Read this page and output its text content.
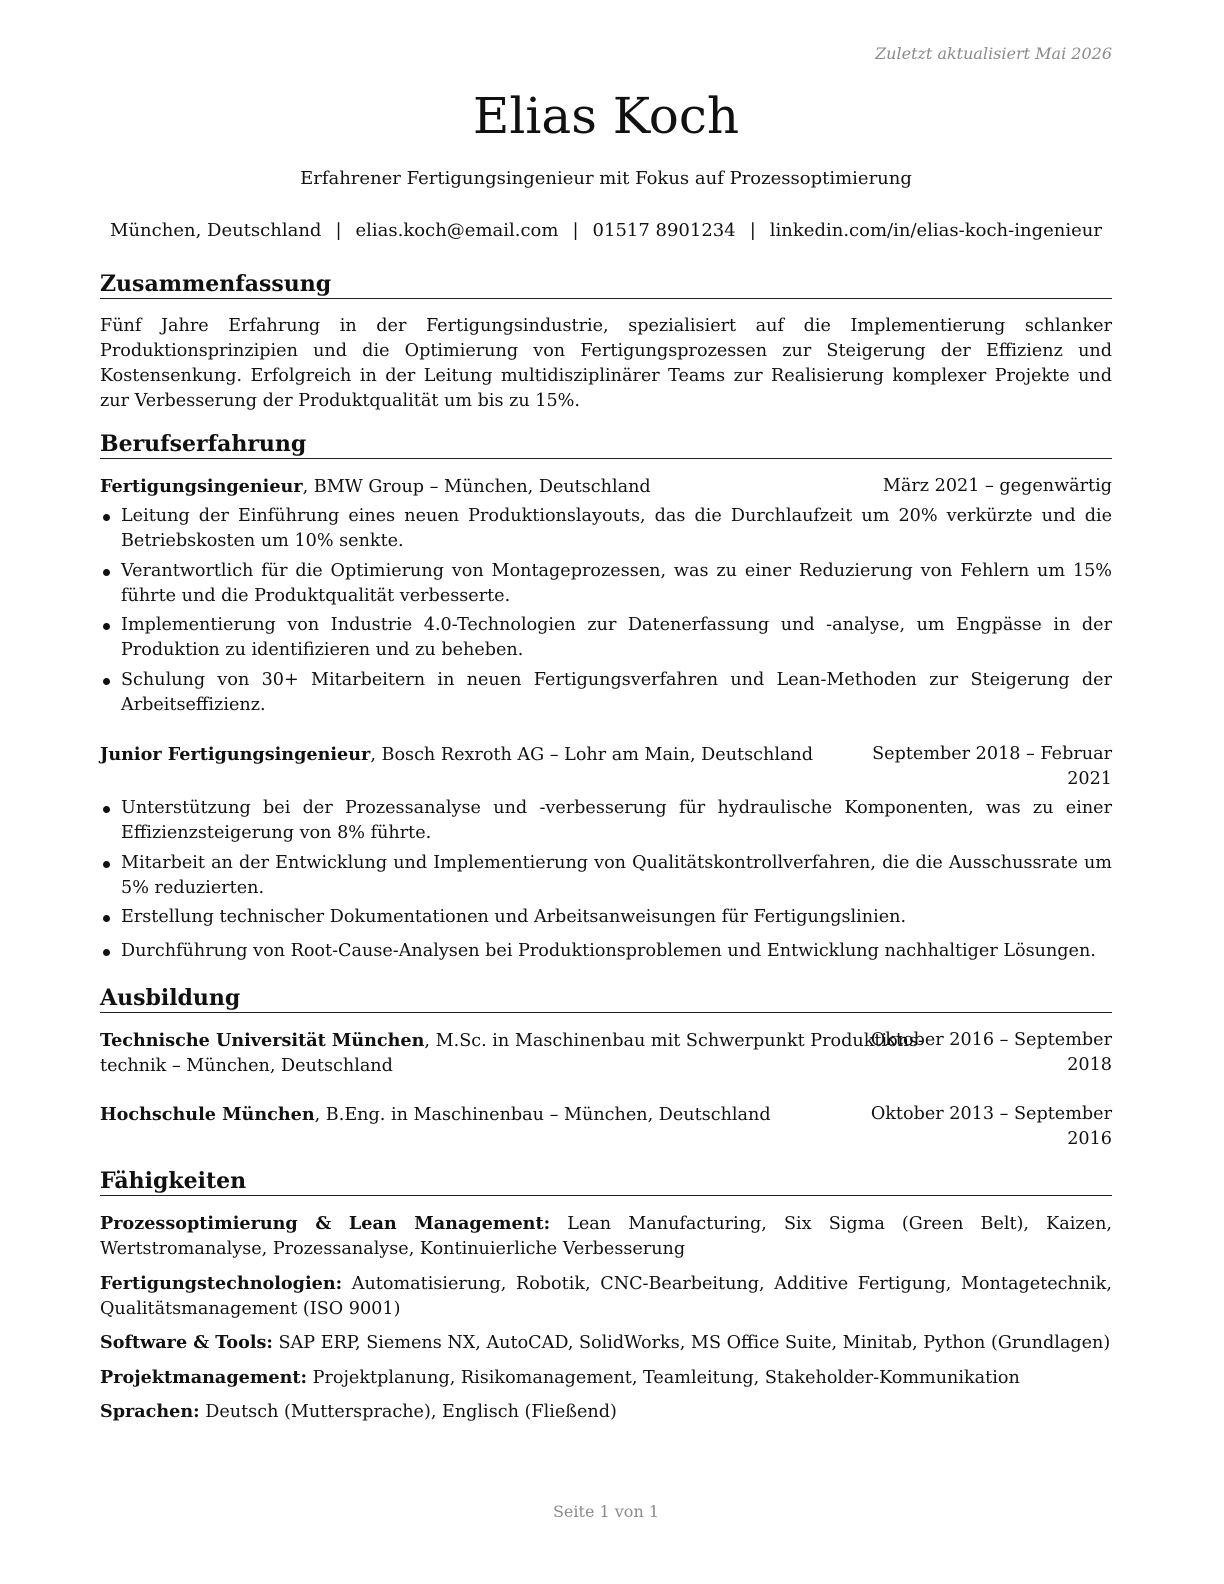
Zuletzt aktualisiert Mai 2026
Elias Koch
Erfahrener Fertigungsingenieur mit Fokus auf Prozessoptimierung
München, Deutschland | elias.koch@email.com | 01517 8901234 | linkedin.com/in/elias-koch-ingenieur
Zusammenfassung
Fünf Jahre Erfahrung in der Fertigungsindustrie, spezialisiert auf die Implementierung schlanker Produktionsprinzipien und die Optimierung von Fertigungsprozessen zur Steigerung der Effizienz und Kostensenkung. Erfolgreich in der Leitung multidisziplinärer Teams zur Realisierung komplexer Projekte und zur Verbesserung der Produktqualität um bis zu 15%.
Berufserfahrung
Fertigungsingenieur, BMW Group – München, Deutschland	März 2021 – gegenwärtig
Leitung der Einführung eines neuen Produktionslayouts, das die Durchlaufzeit um 20% verkürzte und die Betriebskosten um 10% senkte.
Verantwortlich für die Optimierung von Montageprozessen, was zu einer Reduzierung von Fehlern um 15% führte und die Produktqualität verbesserte.
Implementierung von Industrie 4.0-Technologien zur Datenerfassung und -analyse, um Engpässe in der Produktion zu identifizieren und zu beheben.
Schulung von 30+ Mitarbeitern in neuen Fertigungsverfahren und Lean-Methoden zur Steigerung der Arbeitseffizienz.
Junior Fertigungsingenieur, Bosch Rexroth AG – Lohr am Main, Deutschland	September 2018 – Februar
2021
Unterstützung bei der Prozessanalyse und -verbesserung für hydraulische Komponenten, was zu einer Effizienzsteigerung von 8% führte.
Mitarbeit an der Entwicklung und Implementierung von Qualitätskontrollverfahren, die die Ausschussrate um 5% reduzierten.
Erstellung technischer Dokumentationen und Arbeitsanweisungen für Fertigungslinien.
Durchführung von Root-Cause-Analysen bei Produktionsproblemen und Entwicklung nachhaltiger Lösungen.
Ausbildung
Technische Universität München, M.Sc. in Maschinenbau mit Schwerpunkt Produktions-
technik – München, Deutschland
Oktober 2016 – September
2018
Hochschule München, B.Eng. in Maschinenbau – München, Deutschland	Oktober 2013 – September
2016
Fähigkeiten
Prozessoptimierung & Lean Management: Lean Manufacturing, Six Sigma (Green Belt), Kaizen, Wertstromanalyse, Prozessanalyse, Kontinuierliche Verbesserung
Fertigungstechnologien: Automatisierung, Robotik, CNC-Bearbeitung, Additive Fertigung, Montagetechnik, Qualitätsmanagement (ISO 9001)
Software & Tools: SAP ERP, Siemens NX, AutoCAD, SolidWorks, MS Office Suite, Minitab, Python (Grundlagen)
Projektmanagement: Projektplanung, Risikomanagement, Teamleitung, Stakeholder-Kommunikation
Sprachen: Deutsch (Muttersprache), Englisch (Fließend)
Seite 1 von 1
